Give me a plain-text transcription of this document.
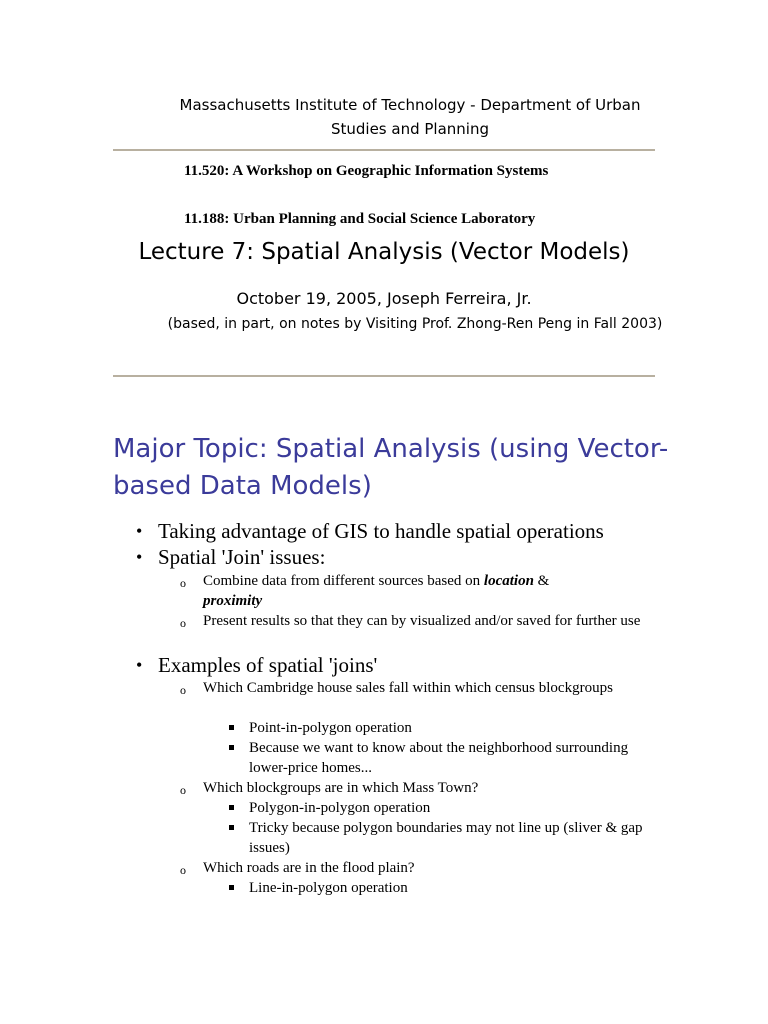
Massachusetts Institute of Technology - Department of Urban Studies and Planning
11.520: A Workshop on Geographic Information Systems
11.188: Urban Planning and Social Science Laboratory
Lecture 7: Spatial Analysis (Vector Models)
October 19, 2005, Joseph Ferreira, Jr.
(based, in part, on notes by Visiting Prof. Zhong-Ren Peng in Fall 2003)
Major Topic: Spatial Analysis (using Vector-based Data Models)
• Taking advantage of GIS to handle spatial operations
• Spatial 'Join' issues:
o Combine data from different sources based on location &
proximity
o Present results so that they can by visualized and/or saved for further use
• Examples of spatial 'joins'
o Which Cambridge house sales fall within which census blockgroups
Point-in-polygon operation
Because we want to know about the neighborhood surrounding lower-price homes...
o Which blockgroups are in which Mass Town?
Polygon-in-polygon operation
Tricky because polygon boundaries may not line up (sliver & gap issues)
o Which roads are in the flood plain?
Line-in-polygon operation
